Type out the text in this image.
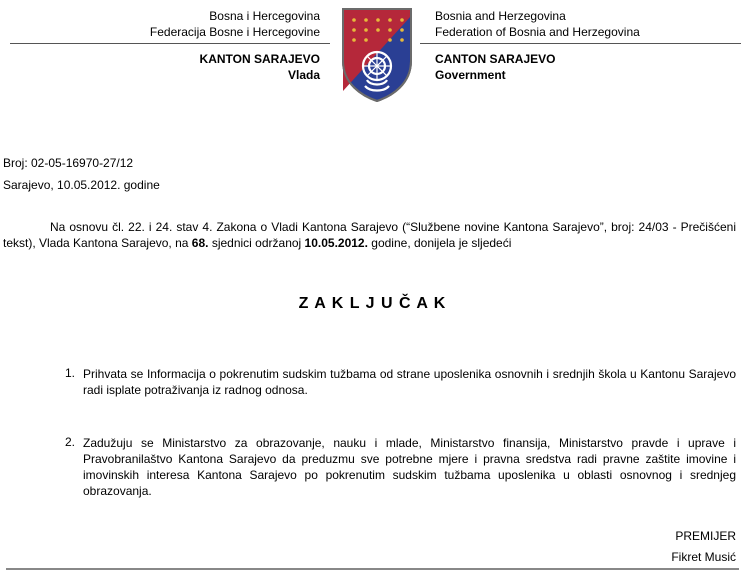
Bosna i Hercegovina
Federacija Bosne i Hercegovine
KANTON SARAJEVO
Vlada
Bosnia and Herzegovina
Federation of Bosnia and Herzegovina
CANTON SARAJEVO
Government
Broj: 02-05-16970-27/12
Sarajevo, 10.05.2012. godine
Na osnovu čl. 22. i 24. stav 4. Zakona o Vladi Kantona Sarajevo (“Službene novine Kantona Sarajevo”, broj: 24/03 - Prečišćeni tekst), Vlada Kantona Sarajevo, na 68. sjednici održanoj 10.05.2012. godine, donijela je sljedeći
Z A K L J U Č A K
1. Prihvata se Informacija o pokrenutim sudskim tužbama od strane uposlenika osnovnih i srednjih škola u Kantonu Sarajevo radi isplate potraživanja iz radnog odnosa.
2. Zadužuju se Ministarstvo za obrazovanje, nauku i mlade, Ministarstvo finansija, Ministarstvo pravde i uprave i Pravobranilaštvo Kantona Sarajevo da preduzmu sve potrebne mjere i pravna sredstva radi pravne zaštite imovine i imovinskih interesa Kantona Sarajevo po pokrenutim sudskim tužbama uposlenika u oblasti osnovnog i srednjeg obrazovanja.
PREMIJER
Fikret Musić
